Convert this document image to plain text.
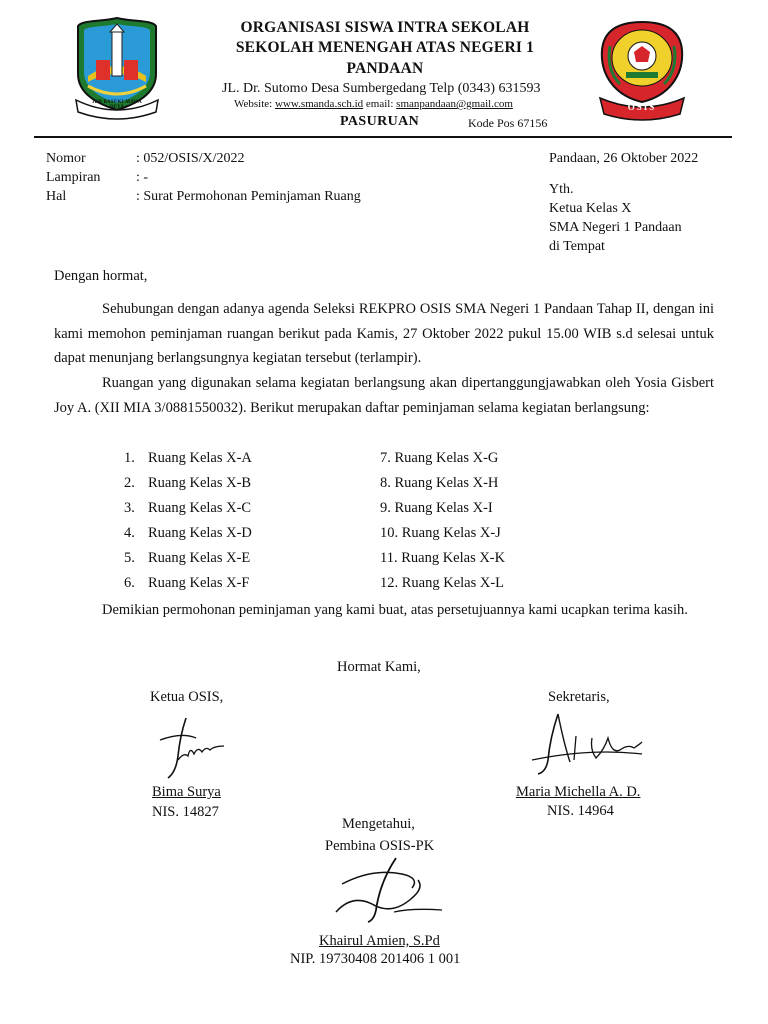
JER BASUKI MAWA BEYA
ORGANISASI SISWA INTRA SEKOLAH
SEKOLAH MENENGAH ATAS NEGERI 1
PANDAAN
JL. Dr. Sutomo Desa Sumbergedang Telp (0343) 631593
Website: www.smanda.sch.id email: smanpandaan@gmail.com
PASURUAN	Kode Pos 67156
OSIS
Nomor	: 052/OSIS/X/2022
Lampiran	: -
Hal	: Surat Permohonan Peminjaman Ruang
Pandaan, 26 Oktober 2022
Yth.
Ketua Kelas X
SMA Negeri 1 Pandaan
di Tempat
Dengan hormat,
Sehubungan dengan adanya agenda Seleksi REKPRO OSIS SMA Negeri 1 Pandaan Tahap II, dengan ini kami memohon peminjaman ruangan berikut pada Kamis, 27 Oktober 2022 pukul 15.00 WIB s.d selesai untuk dapat menunjang berlangsungnya kegiatan tersebut (terlampir).
Ruangan yang digunakan selama kegiatan berlangsung akan dipertanggungjawabkan oleh Yosia Gisbert Joy A. (XII MIA 3/0881550032). Berikut merupakan daftar peminjaman selama kegiatan berlangsung:
1. Ruang Kelas X-A
2. Ruang Kelas X-B
3. Ruang Kelas X-C
4. Ruang Kelas X-D
5. Ruang Kelas X-E
6. Ruang Kelas X-F
7. Ruang Kelas X-G
8. Ruang Kelas X-H
9. Ruang Kelas X-I
10. Ruang Kelas X-J
11. Ruang Kelas X-K
12. Ruang Kelas X-L
Demikian permohonan peminjaman yang kami buat, atas persetujuannya kami ucapkan terima kasih.
Hormat Kami,
Ketua OSIS,
Bima Surya
NIS. 14827
Sekretaris,
Maria Michella A. D.
NIS. 14964
Mengetahui,
Pembina OSIS-PK
Khairul Amien, S.Pd
NIP. 19730408 201406 1 001
